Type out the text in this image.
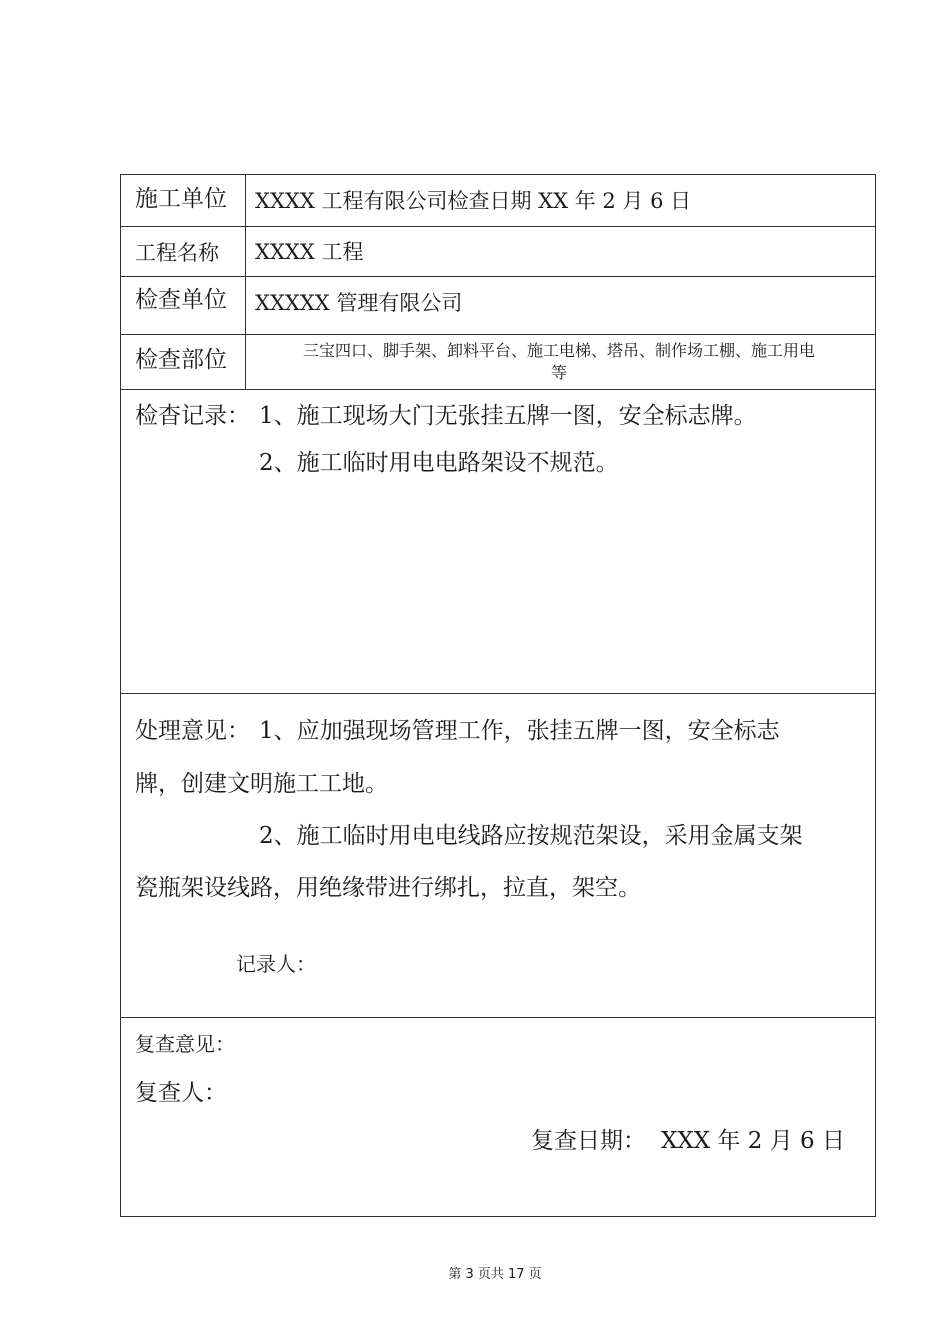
施工单位 XXXX 工程有限公司检查日期 XX 年 2 月 6 日
工程名称 XXXX 工程
检查单位 XXXXX 管理有限公司
检查部位	三宝四口、脚手架、卸料平台、施工电梯、塔吊、制作场工棚、施工用电
等
检杳记录： 1、施工现场大门无张挂五牌一图，安全标志牌。
2、施工临时用电电路架设不规范。
处理意见： 1、应加强现场管理工作，张挂五牌一图，安全标志
牌，创建文明施工工地。
2、施工临时用电电线路应按规范架设，采用金属支架
瓷瓶架设线路，用绝缘带进行绑扎，拉直，架空。
记录人：
复查意见：
复查人：
复查日期： XXX 年 2 月 6 日
第 3 页共 17 页
